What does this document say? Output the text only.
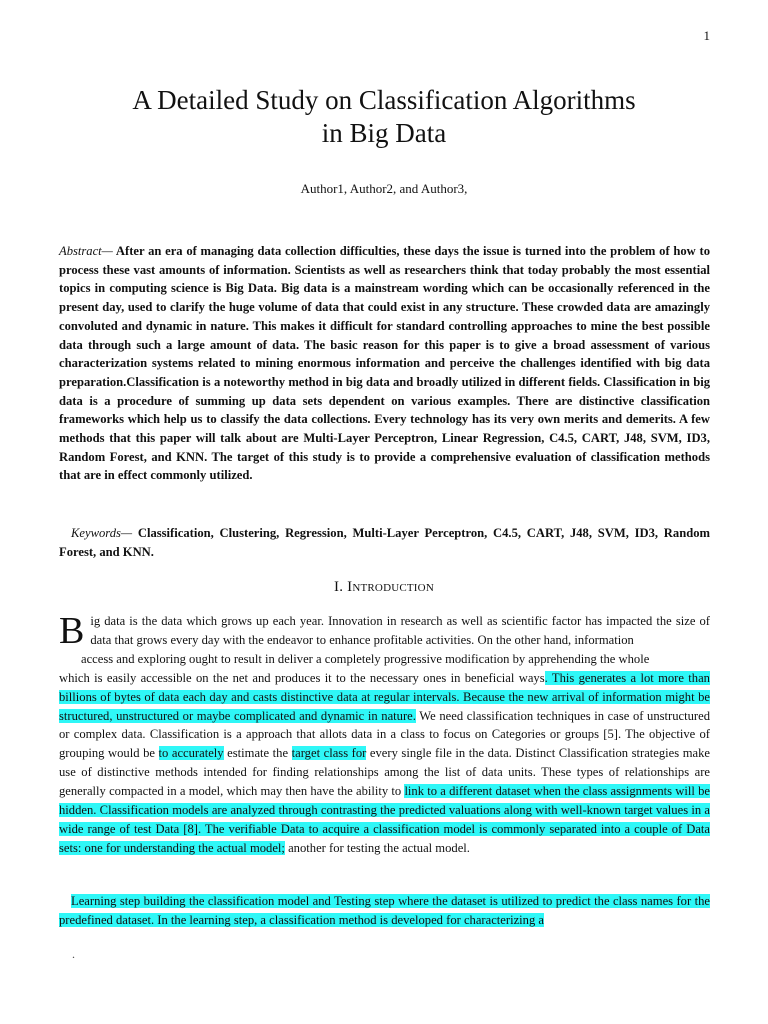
1
A Detailed Study on Classification Algorithms
in Big Data
Author1, Author2, and Author3,
Abstract— After an era of managing data collection difficulties, these days the issue is turned into the problem of how to process these vast amounts of information. Scientists as well as researchers think that today probably the most essential topics in computing science is Big Data. Big data is a mainstream wording which can be occasionally referenced in the present day, used to clarify the huge volume of data that could exist in any structure. These crowded data are amazingly convoluted and dynamic in nature. This makes it difficult for standard controlling approaches to mine the best possible data through such a large amount of data. The basic reason for this paper is to give a broad assessment of various characterization systems related to mining enormous information and perceive the challenges identified with big data preparation.Classification is a noteworthy method in big data and broadly utilized in different fields. Classification in big data is a procedure of summing up data sets dependent on various examples. There are distinctive classification frameworks which help us to classify the data collections. Every technology has its very own merits and demerits. A few methods that this paper will talk about are Multi-Layer Perceptron, Linear Regression, C4.5, CART, J48, SVM, ID3, Random Forest, and KNN. The target of this study is to provide a comprehensive evaluation of classification methods that are in effect commonly utilized.
Keywords— Classification, Clustering, Regression, Multi-Layer Perceptron, C4.5, CART, J48, SVM, ID3, Random Forest, and KNN.
I. Introduction
Big data is the data which grows up each year. Innovation in research as well as scientific factor has impacted the size of data that grows every day with the endeavor to enhance profitable activities. On the other hand, information
access and exploring ought to result in deliver a completely progressive modification by apprehending the whole
which is easily accessible on the net and produces it to the necessary ones in beneficial ways. This generates a lot more than billions of bytes of data each day and casts distinctive data at regular intervals. Because the new arrival of information might be structured, unstructured or maybe complicated and dynamic in nature. We need classification techniques in case of unstructured or complex data. Classification is a approach that allots data in a class to focus on Categories or groups [5]. The objective of grouping would be to accurately estimate the target class for every single file in the data. Distinct Classification strategies make use of distinctive methods intended for finding relationships among the list of data units. These types of relationships are generally compacted in a model, which may then have the ability to link to a different dataset when the class assignments will be hidden. Classification models are analyzed through contrasting the predicted valuations along with well-known target values in a wide range of test Data [8]. The verifiable Data to acquire a classification model is commonly separated into a couple of Data sets: one for understanding the actual model; another for testing the actual model.
Learning step building the classification model and Testing step where the dataset is utilized to predict the class names for the predefined dataset. In the learning step, a classification method is developed for characterizing a
.
